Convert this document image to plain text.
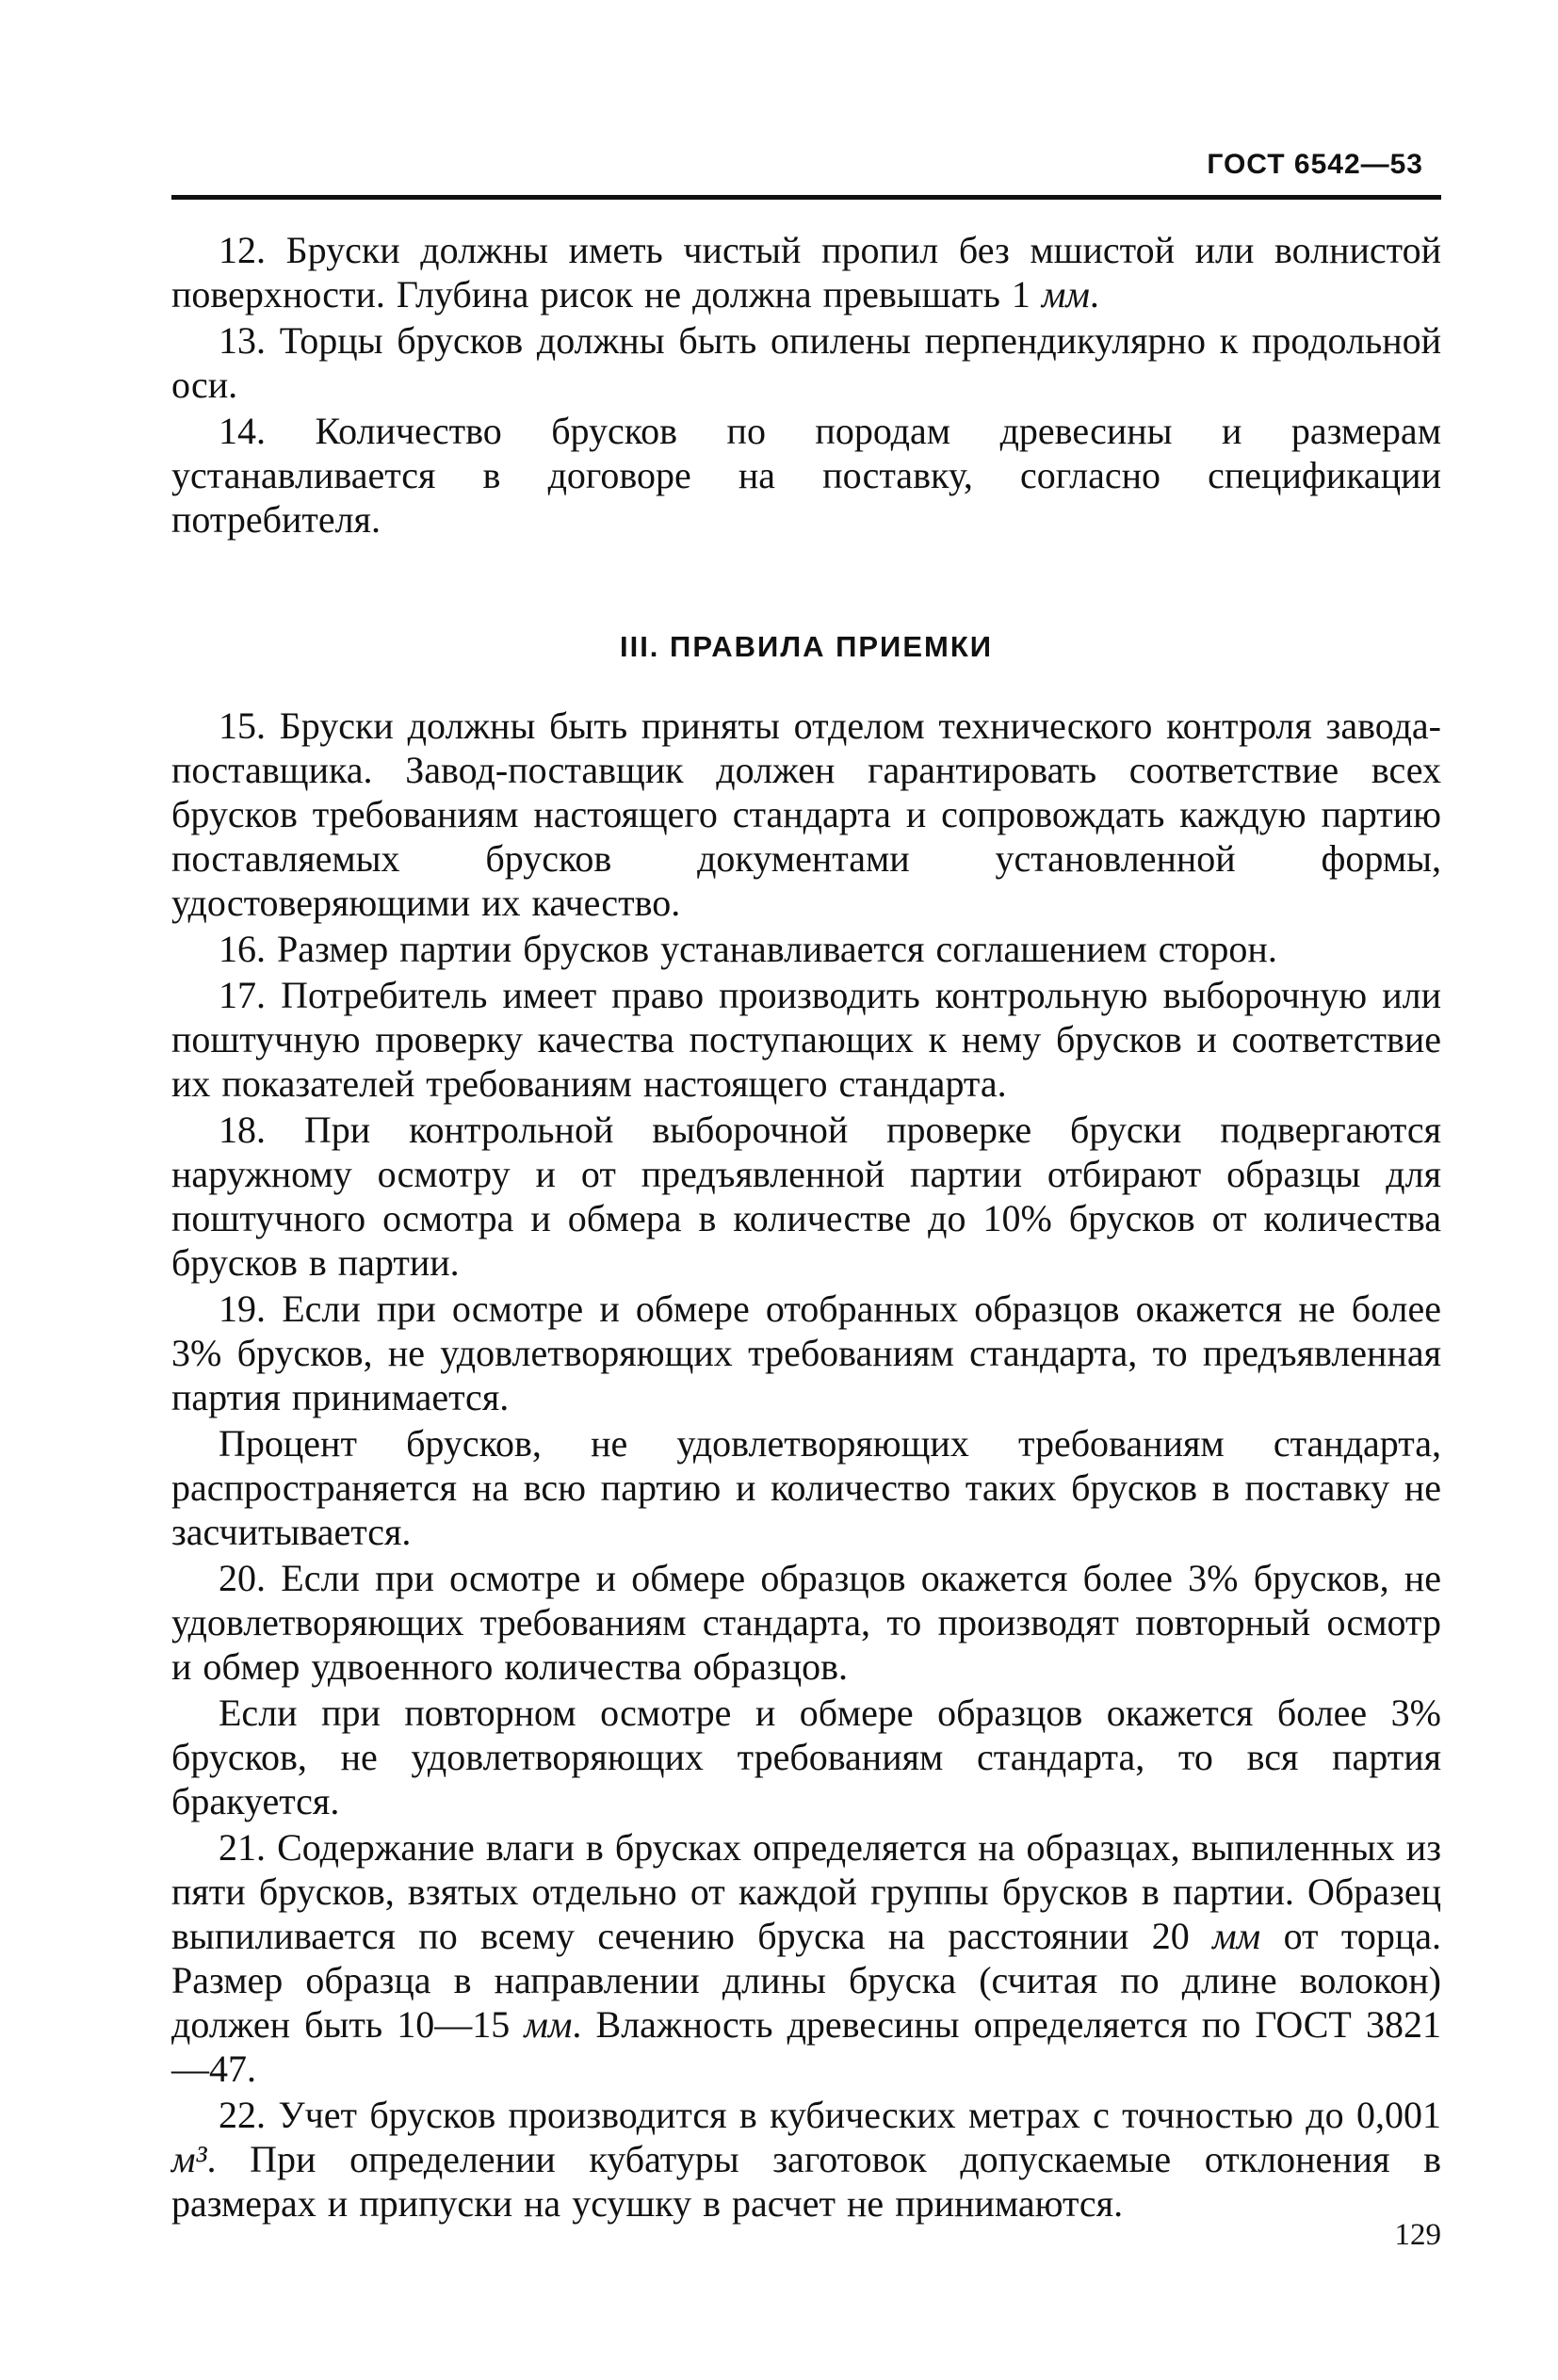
ГОСТ 6542—53

12. Бруски должны иметь чистый пропил без мшистой или волнистой поверхности. Глубина рисок не должна превышать 1 мм.

13. Торцы брусков должны быть опилены перпендикулярно к продольной оси.

14. Количество брусков по породам древесины и размерам устанавливается в договоре на поставку, согласно спецификации потребителя.

III. ПРАВИЛА ПРИЕМКИ

15. Бруски должны быть приняты отделом технического контроля завода-поставщика. Завод-поставщик должен гарантировать соответствие всех брусков требованиям настоящего стандарта и сопровождать каждую партию поставляемых брусков документами установленной формы, удостоверяющими их качество.

16. Размер партии брусков устанавливается соглашением сторон.

17. Потребитель имеет право производить контрольную выборочную или поштучную проверку качества поступающих к нему брусков и соответствие их показателей требованиям настоящего стандарта.

18. При контрольной выборочной проверке бруски подвергаются наружному осмотру и от предъявленной партии отбирают образцы для поштучного осмотра и обмера в количестве до 10% брусков от количества брусков в партии.

19. Если при осмотре и обмере отобранных образцов окажется не более 3% брусков, не удовлетворяющих требованиям стандарта, то предъявленная партия принимается.

Процент брусков, не удовлетворяющих требованиям стандарта, распространяется на всю партию и количество таких брусков в поставку не засчитывается.

20. Если при осмотре и обмере образцов окажется более 3% брусков, не удовлетворяющих требованиям стандарта, то производят повторный осмотр и обмер удвоенного количества образцов.

Если при повторном осмотре и обмере образцов окажется более 3% брусков, не удовлетворяющих требованиям стандарта, то вся партия бракуется.

21. Содержание влаги в брусках определяется на образцах, выпиленных из пяти брусков, взятых отдельно от каждой группы брусков в партии. Образец выпиливается по всему сечению бруска на расстоянии 20 мм от торца. Размер образца в направлении длины бруска (считая по длине волокон) должен быть 10—15 мм. Влажность древесины определяется по ГОСТ 3821—47.

22. Учет брусков производится в кубических метрах с точностью до 0,001 м³. При определении кубатуры заготовок допускаемые отклонения в размерах и припуски на усушку в расчет не принимаются.

129
